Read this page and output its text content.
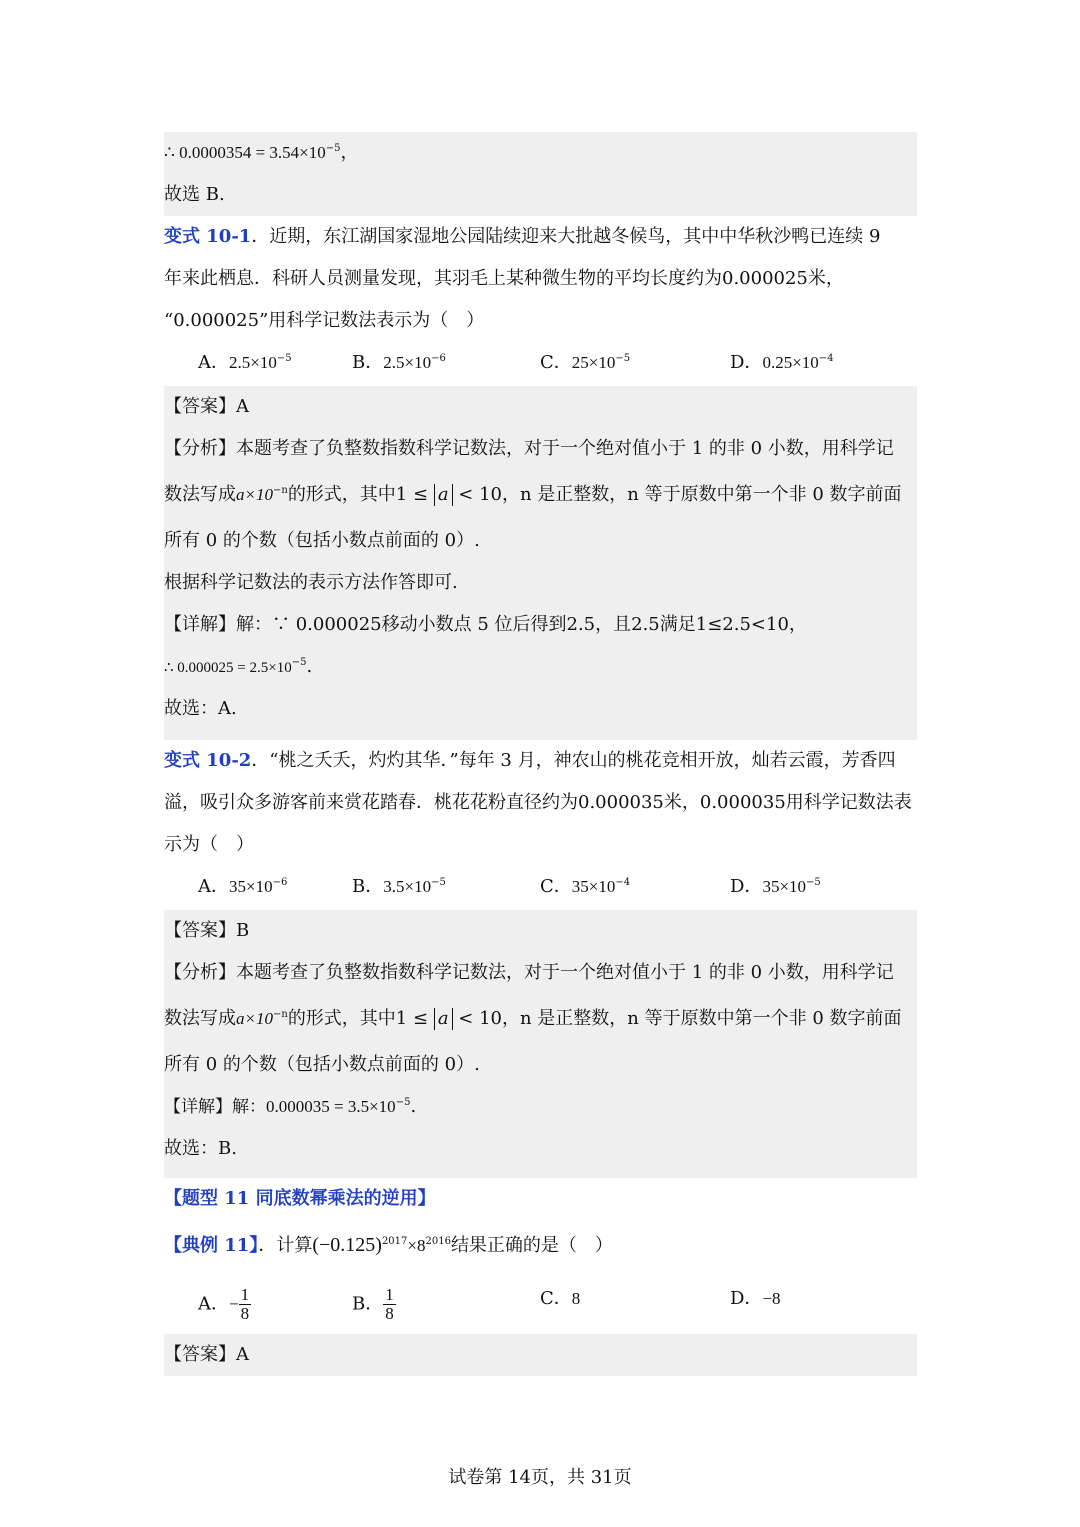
∴ $0.0000354 = 3.54\times 10^{-5}$，
故选 B.
变式 10-1．近期，东江湖国家湿地公园陆续迎来大批越冬候鸟，其中中华秋沙鸭已连续 9
年来此栖息．科研人员测量发现，其羽毛上某种微生物的平均长度约为0.000025米，
“0.000025”用科学记数法表示为（　）
A．$2.5\times 10^{-5}$	B．$2.5\times 10^{-6}$	C．$25\times 10^{-5}$	D．$0.25\times 10^{-4}$
【答案】A
【分析】本题考查了负整数指数科学记数法，对于一个绝对值小于 1 的非 0 小数，用科学记
数法写成$a\times 10^{-n}$的形式，其中1 ≤ a < 10，n 是正整数，n 等于原数中第一个非 0 数字前面
所有 0 的个数（包括小数点前面的 0）.
根据科学记数法的表示方法作答即可.
【详解】解：∵ 0.000025移动小数点 5 位后得到2.5，且2.5满足1≤2.5<10，
∴ $0.000025 = 2.5\times 10^{-5}$.
故选：A.
变式 10-2．“桃之夭夭，灼灼其华．”每年 3 月，神农山的桃花竞相开放，灿若云霞，芳香四
溢，吸引众多游客前来赏花踏春．桃花花粉直径约为0.000035米，0.000035用科学记数法表
示为（　）
A．$35\times 10^{-6}$	B．$3.5\times 10^{-5}$	C．$35\times 10^{-4}$	D．$35\times 10^{-5}$
【答案】B
【分析】本题考查了负整数指数科学记数法，对于一个绝对值小于 1 的非 0 小数，用科学记
数法写成$a\times 10^{-n}$的形式，其中1 ≤ a < 10，n 是正整数，n 等于原数中第一个非 0 数字前面
所有 0 的个数（包括小数点前面的 0）.
【详解】解：$0.000035 = 3.5\times 10^{-5}$.
故选：B.
【题型 11 同底数幂乘法的逆用】
【典例 11】．计算$(-0.125)^{2017}\times 8^{2016}$结果正确的是（　）
A．− $\frac{1}{8}$	B． $\frac{1}{8}$	C．8	D．−8
【答案】A
试卷第 14页，共 31页
